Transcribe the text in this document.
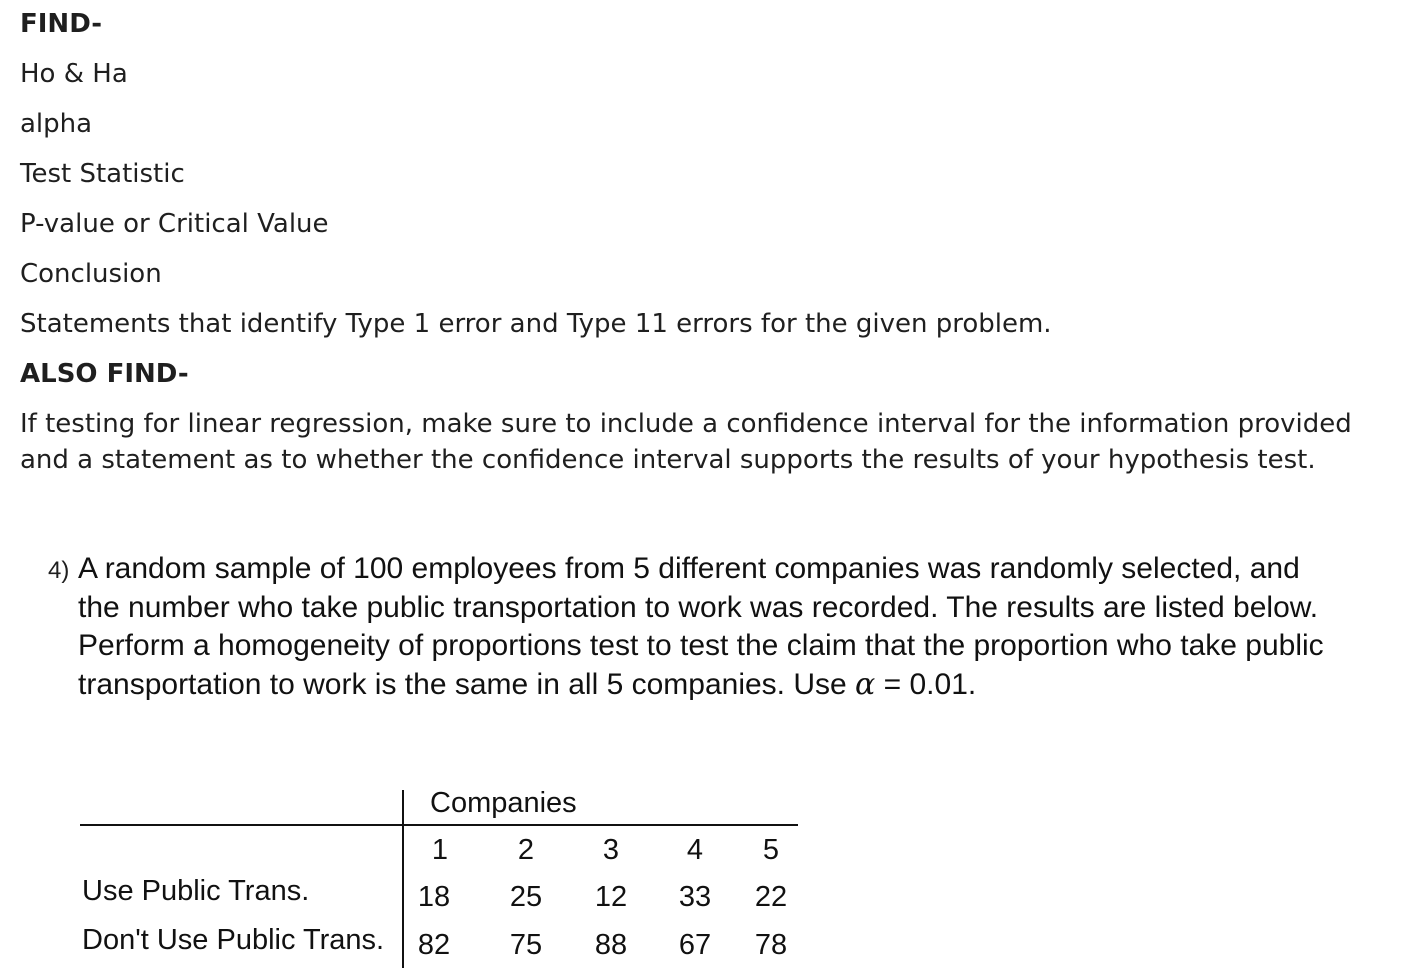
FIND-
Ho & Ha
alpha
Test Statistic
P-value or Critical Value
Conclusion
Statements that identify Type 1 error and Type 11 errors for the given problem.
ALSO FIND-
If testing for linear regression, make sure to include a confidence interval for the information provided and a statement as to whether the confidence interval supports the results of your hypothesis test.
4) A random sample of 100 employees from 5 different companies was randomly selected, and the number who take public transportation to work was recorded. The results are listed below. Perform a homogeneity of proportions test to test the claim that the proportion who take public transportation to work is the same in all 5 companies. Use α = 0.01.
Companies
1	2	3	4	5
Use Public Trans.	18	25	12	33	22
Don't Use Public Trans.	82	75	88	67	78
